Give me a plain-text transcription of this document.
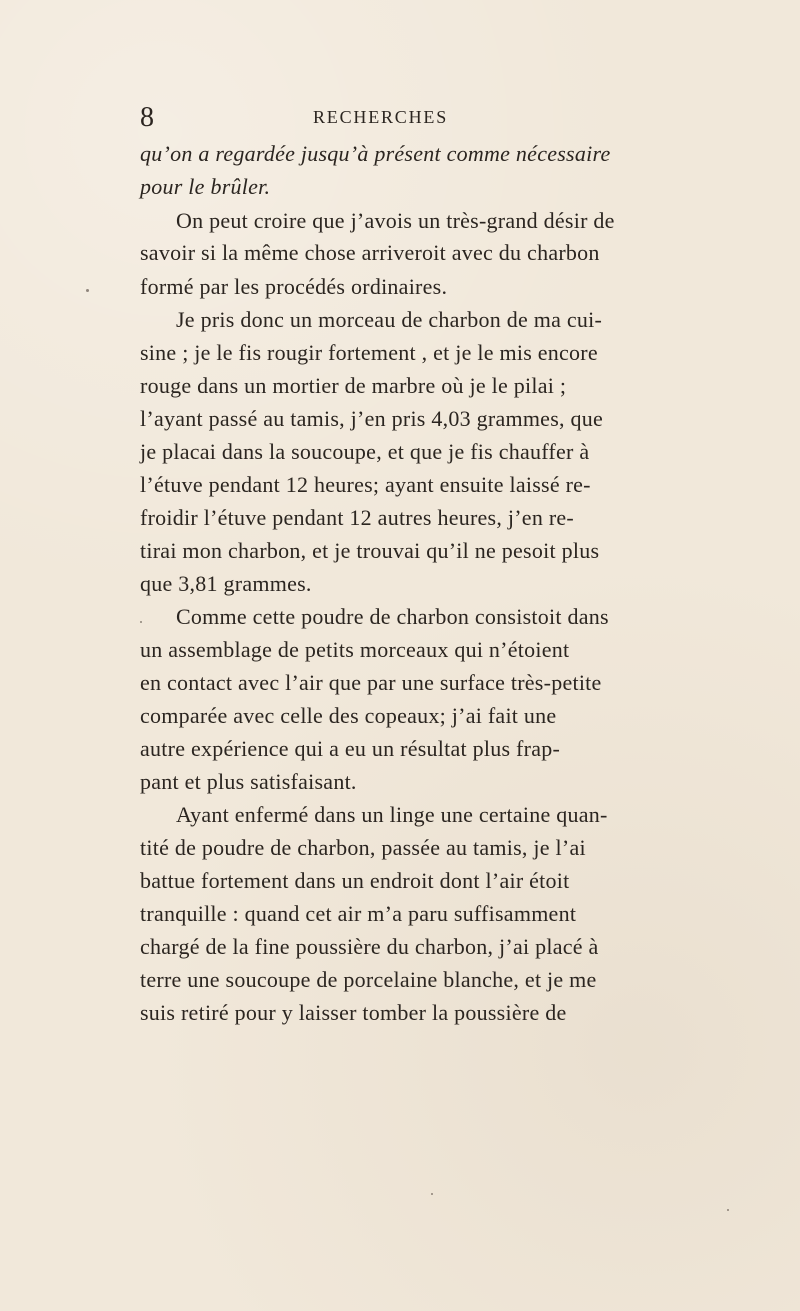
8	RECHERCHES
qu’on a regardée jusqu’à présent comme nécessaire
pour le brûler.
On peut croire que j’avois un très-grand désir de
savoir si la même chose arriveroit avec du charbon
formé par les procédés ordinaires.
Je pris donc un morceau de charbon de ma cui-
sine ; je le fis rougir fortement , et je le mis encore
rouge dans un mortier de marbre où je le pilai ;
l’ayant passé au tamis, j’en pris 4,03 grammes, que
je placai dans la soucoupe, et que je fis chauffer à
l’étuve pendant 12 heures; ayant ensuite laissé re-
froidir l’étuve pendant 12 autres heures, j’en re-
tirai mon charbon, et je trouvai qu’il ne pesoit plus
que 3,81 grammes.
Comme cette poudre de charbon consistoit dans
un assemblage de petits morceaux qui n’étoient
en contact avec l’air que par une surface très-petite
comparée avec celle des copeaux; j’ai fait une
autre expérience qui a eu un résultat plus frap-
pant et plus satisfaisant.
Ayant enfermé dans un linge une certaine quan-
tité de poudre de charbon, passée au tamis, je l’ai
battue fortement dans un endroit dont l’air étoit
tranquille : quand cet air m’a paru suffisamment
chargé de la fine poussière du charbon, j’ai placé à
terre une soucoupe de porcelaine blanche, et je me
suis retiré pour y laisser tomber la poussière de
